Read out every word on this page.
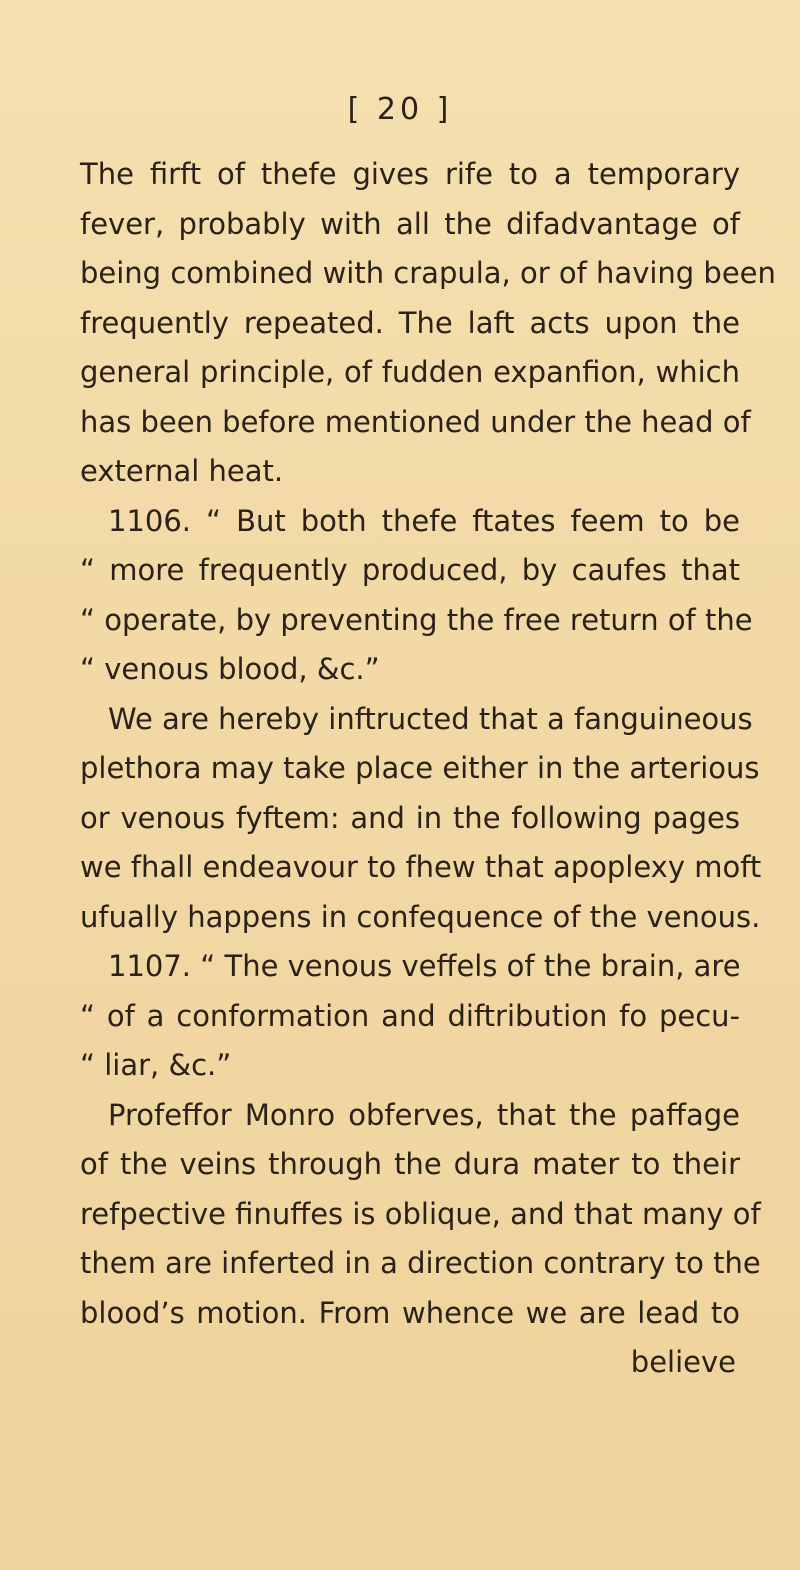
[ 20 ]
The firft of thefe gives rife to a temporary
fever, probably with all the difadvantage of
being combined with crapula, or of having been
frequently repeated. The laft acts upon the
general principle, of fudden expanfion, which
has been before mentioned under the head of
external heat.
1106. “ But both thefe ftates feem to be
“ more frequently produced, by caufes that
“ operate, by preventing the free return of the
“ venous blood, &c.”
We are hereby inftructed that a fanguineous
plethora may take place either in the arterious
or venous fyftem: and in the following pages
we fhall endeavour to fhew that apoplexy moft
ufually happens in confequence of the venous.
1107. “ The venous veffels of the brain, are
“ of a conformation and diftribution fo pecu-
“ liar, &c.”
Profeffor Monro obferves, that the paffage
of the veins through the dura mater to their
refpective finuffes is oblique, and that many of
them are inferted in a direction contrary to the
blood’s motion. From whence we are lead to
believe
